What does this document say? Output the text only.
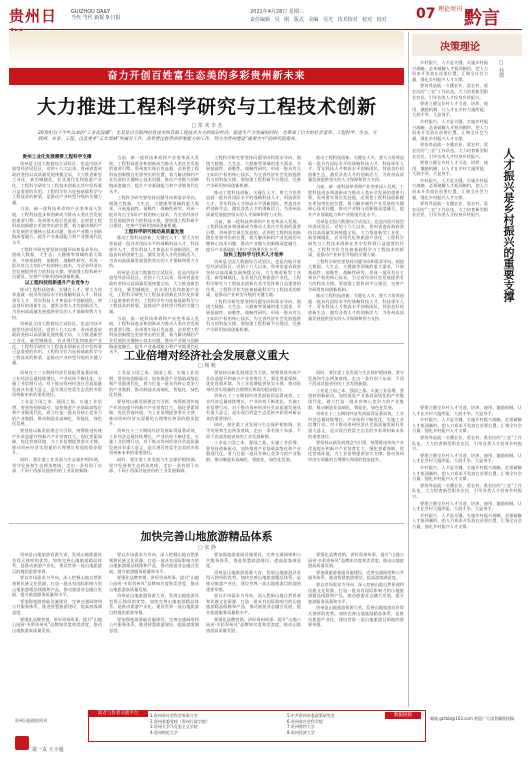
贵州日	GUIZHOU DAILY
当代 当代 新报 9 日报
2021年4月28日 星期三
责任编辑 吴 刚 版式 美编 吴光 技术校对 校对 校对 07 理论周刊 黔言
奋力开创百姓富生态美的多彩贵州新未来
大力推进工程科学研究与工程技术创新
□ 郑 欢 李 杰
20世纪以下半叶以来的“工业化浪潮”，尤其是以互联网信息技术和其他工程技术为主的知识经济，促进生产力发展的同时，也带来了巨大的社会变革。工程科学、生态、互联网、农业、工程、以及更多“五大领域”发展对工作，改革贯注新贵州形象能力的工作，努力为贵州建设“重要大中”的研究院服务。
贵州工业化发展需要工程科学支撑

贵州是全国大数据综合试验区，也是内陆开放型经济试验区。党的十九大以来，贵州省委省政府坚持以高质量发展统揽全局，大力推进新型工业化、新型城镇化、农业现代化和旅游产业化，工程科学研究与工程技术创新在其中发挥着日益重要的作用。工程科学作为连接基础科学与工程技术的桥梁，是推动产业转型升级的关键力量。

当前，新一轮科技革命和产业变革深入发展，工程科技进步和创新成为推动人类社会发展的重要引擎。贵州要实现后发赶超，必须把工程科技创新摆在更加突出的位置，着力解决制约产业发展的关键核心技术问题，推动产业链与创新链深度融合，提升产业基础能力和产业链现代化水平。

工程科学研究要坚持问题导向和需求导向，围绕大数据、大生态、大健康等领域的重大需求，开展基础性、前瞻性、战略性研究，形成一批具有自主知识产权的核心技术，为全省经济社会发展提供有力的科技支撑。要加强工程科研平台建设，完善产学研用协同创新机制。

以工程科技创新提升产业竞争力

推动工程科技创新，关键在人才。要大力培养造就一批具有国际水平的战略科技人才、科技领军人才、青年科技人才和高水平创新团队，营造良好的创新生态，激发各类人才的创新活力，为贵州高质量发展提供坚实的人才保障和智力支持。

贵州是全国大数据综合试验区，也是内陆开放型经济试验区。党的十九大以来，贵州省委省政府坚持以高质量发展统揽全局，大力推进新型工业化、新型城镇化、农业现代化和旅游产业化，工程科学研究与工程技术创新在其中发挥着日益重要的作用。工程科学作为连接基础科学与工程技术的桥梁，是推动产业转型升级的关键力量。

当前，新一轮科技革命和产业变革深入发展，工程科技进步和创新成为推动人类社会发展的重要引擎。贵州要实现后发赶超，必须把工程科技创新摆在更加突出的位置，着力解决制约产业发展的关键核心技术问题，推动产业链与创新链深度融合，提升产业基础能力和产业链现代化水平。

工程科学研究要坚持问题导向和需求导向，围绕大数据、大生态、大健康等领域的重大需求，开展基础性、前瞻性、战略性研究，形成一批具有自主知识产权的核心技术，为全省经济社会发展提供有力的科技支撑。要加强工程科研平台建设，完善产学研用协同创新机制。

工程科学研究推动高质量发展

推动工程科技创新，关键在人才。要大力培养造就一批具有国际水平的战略科技人才、科技领军人才、青年科技人才和高水平创新团队，营造良好的创新生态，激发各类人才的创新活力，为贵州高质量发展提供坚实的人才保障和智力支持。

贵州是全国大数据综合试验区，也是内陆开放型经济试验区。党的十九大以来，贵州省委省政府坚持以高质量发展统揽全局，大力推进新型工业化、新型城镇化、农业现代化和旅游产业化，工程科学研究与工程技术创新在其中发挥着日益重要的作用。工程科学作为连接基础科学与工程技术的桥梁，是推动产业转型升级的关键力量。

当前，新一轮科技革命和产业变革深入发展，工程科技进步和创新成为推动人类社会发展的重要引擎。贵州要实现后发赶超，必须把工程科技创新摆在更加突出的位置，着力解决制约产业发展的关键核心技术问题，推动产业链与创新链深度融合，提升产业基础能力和产业链现代化水平。

工程科学研究要坚持问题导向和需求导向，围绕大数据、大生态、大健康等领域的重大需求，开展基础性、前瞻性、战略性研究，形成一批具有自主知识产权的核心技术，为全省经济社会发展提供有力的科技支撑。要加强工程科研平台建设，完善产学研用协同创新机制。

推动工程科技创新，关键在人才。要大力培养造就一批具有国际水平的战略科技人才、科技领军人才、青年科技人才和高水平创新团队，营造良好的创新生态，激发各类人才的创新活力，为贵州高质量发展提供坚实的人才保障和智力支持。

当前，新一轮科技革命和产业变革深入发展，工程科技进步和创新成为推动人类社会发展的重要引擎。贵州要实现后发赶超，必须把工程科技创新摆在更加突出的位置，着力解决制约产业发展的关键核心技术问题，推动产业链与创新链深度融合，提升产业基础能力和产业链现代化水平。

加快工程科学与技术人才培养

贵州是全国大数据综合试验区，也是内陆开放型经济试验区。党的十九大以来，贵州省委省政府坚持以高质量发展统揽全局，大力推进新型工业化、新型城镇化、农业现代化和旅游产业化，工程科学研究与工程技术创新在其中发挥着日益重要的作用。工程科学作为连接基础科学与工程技术的桥梁，是推动产业转型升级的关键力量。

工程科学研究要坚持问题导向和需求导向，围绕大数据、大生态、大健康等领域的重大需求，开展基础性、前瞻性、战略性研究，形成一批具有自主知识产权的核心技术，为全省经济社会发展提供有力的科技支撑。要加强工程科研平台建设，完善产学研用协同创新机制。

推动工程科技创新，关键在人才。要大力培养造就一批具有国际水平的战略科技人才、科技领军人才、青年科技人才和高水平创新团队，营造良好的创新生态，激发各类人才的创新活力，为贵州高质量发展提供坚实的人才保障和智力支持。

当前，新一轮科技革命和产业变革深入发展，工程科技进步和创新成为推动人类社会发展的重要引擎。贵州要实现后发赶超，必须把工程科技创新摆在更加突出的位置，着力解决制约产业发展的关键核心技术问题，推动产业链与创新链深度融合，提升产业基础能力和产业链现代化水平。

贵州是全国大数据综合试验区，也是内陆开放型经济试验区。党的十九大以来，贵州省委省政府坚持以高质量发展统揽全局，大力推进新型工业化、新型城镇化、农业现代化和旅游产业化，工程科学研究与工程技术创新在其中发挥着日益重要的作用。工程科学作为连接基础科学与工程技术的桥梁，是推动产业转型升级的关键力量。

工程科学研究要坚持问题导向和需求导向，围绕大数据、大生态、大健康等领域的重大需求，开展基础性、前瞻性、战略性研究，形成一批具有自主知识产权的核心技术，为全省经济社会发展提供有力的科技支撑。要加强工程科研平台建设，完善产学研用协同创新机制。

推动工程科技创新，关键在人才。要大力培养造就一批具有国际水平的战略科技人才、科技领军人才、青年科技人才和高水平创新团队，营造良好的创新生态，激发各类人才的创新活力，为贵州高质量发展提供坚实的人才保障和智力支持。

工业倍增对经济社会发展意义重大
□ 杨 帆

贵州在十三五期间经济发展取得显著成效，工业经济总量持续增长，产业结构不断优化。实施工业倍增行动，对于推动贵州经济社会高质量发展具有重大意义，是实现百姓富生态美的多彩贵州新未来的重要途径。

工业是立国之本、强国之基。实施工业倍增，要坚持创新驱动，加快推进产业基础高级化和产业链现代化，着力打造一批具有核心竞争力的产业集群，推动制造业高端化、智能化、绿色化发展。

要坚持以新发展理念为引领，统筹推进传统产业改造提升和新兴产业培育壮大，强化要素保障，优化营商环境，为工业倍增提供坚实支撑，推动贵州经济实现量的合理增长和质的稳步提升。

同时，要注重工业发展与生态保护相协调，坚守发展和生态两条底线，走出一条有别于东部、不同于西部其他省份的工业发展新路。

工业是立国之本、强国之基。实施工业倍增，要坚持创新驱动，加快推进产业基础高级化和产业链现代化，着力打造一批具有核心竞争力的产业集群，推动制造业高端化、智能化、绿色化发展。

要坚持以新发展理念为引领，统筹推进传统产业改造提升和新兴产业培育壮大，强化要素保障，优化营商环境，为工业倍增提供坚实支撑，推动贵州经济实现量的合理增长和质的稳步提升。

贵州在十三五期间经济发展取得显著成效，工业经济总量持续增长，产业结构不断优化。实施工业倍增行动，对于推动贵州经济社会高质量发展具有重大意义，是实现百姓富生态美的多彩贵州新未来的重要途径。

同时，要注重工业发展与生态保护相协调，坚守发展和生态两条底线，走出一条有别于东部、不同于西部其他省份的工业发展新路。

要坚持以新发展理念为引领，统筹推进传统产业改造提升和新兴产业培育壮大，强化要素保障，优化营商环境，为工业倍增提供坚实支撑，推动贵州经济实现量的合理增长和质的稳步提升。

贵州在十三五期间经济发展取得显著成效，工业经济总量持续增长，产业结构不断优化。实施工业倍增行动，对于推动贵州经济社会高质量发展具有重大意义，是实现百姓富生态美的多彩贵州新未来的重要途径。

同时，要注重工业发展与生态保护相协调，坚守发展和生态两条底线，走出一条有别于东部、不同于西部其他省份的工业发展新路。

工业是立国之本、强国之基。实施工业倍增，要坚持创新驱动，加快推进产业基础高级化和产业链现代化，着力打造一批具有核心竞争力的产业集群，推动制造业高端化、智能化、绿色化发展。

同时，要注重工业发展与生态保护相协调，坚守发展和生态两条底线，走出一条有别于东部、不同于西部其他省份的工业发展新路。

工业是立国之本、强国之基。实施工业倍增，要坚持创新驱动，加快推进产业基础高级化和产业链现代化，着力打造一批具有核心竞争力的产业集群，推动制造业高端化、智能化、绿色化发展。

贵州在十三五期间经济发展取得显著成效，工业经济总量持续增长，产业结构不断优化。实施工业倍增行动，对于推动贵州经济社会高质量发展具有重大意义，是实现百姓富生态美的多彩贵州新未来的重要途径。

要坚持以新发展理念为引领，统筹推进传统产业改造提升和新兴产业培育壮大，强化要素保障，优化营商环境，为工业倍增提供坚实支撑，推动贵州经济实现量的合理增长和质的稳步提升。

加快完善山地旅游精品体系
□ 张 静

贵州是山地旅游资源大省，发展山地旅游具有得天独厚的优势。加快完善山地旅游精品体系，是推动旅游产业化、建设世界一流山地旅游目的地的重要举措。

要以市场需求为导向，深入挖掘山地自然景观和民族文化资源，打造一批具有国际影响力的山地旅游精品线路和产品，推动旅游业态融合发展，提升旅游服务质量和水平。

要加强旅游基础设施建设，完善交通网络和公共服务体系，推进智慧旅游建设，提高游客满意度。

要强化品牌营销，讲好贵州故事，提升“山地公园省·多彩贵州风”品牌知名度和美誉度，推动山地旅游高质量发展。

要以市场需求为导向，深入挖掘山地自然景观和民族文化资源，打造一批具有国际影响力的山地旅游精品线路和产品，推动旅游业态融合发展，提升旅游服务质量和水平。

要强化品牌营销，讲好贵州故事，提升“山地公园省·多彩贵州风”品牌知名度和美誉度，推动山地旅游高质量发展。

贵州是山地旅游资源大省，发展山地旅游具有得天独厚的优势。加快完善山地旅游精品体系，是推动旅游产业化、建设世界一流山地旅游目的地的重要举措。

要加强旅游基础设施建设，完善交通网络和公共服务体系，推进智慧旅游建设，提高游客满意度。

要加强旅游基础设施建设，完善交通网络和公共服务体系，推进智慧旅游建设，提高游客满意度。

贵州是山地旅游资源大省，发展山地旅游具有得天独厚的优势。加快完善山地旅游精品体系，是推动旅游产业化、建设世界一流山地旅游目的地的重要举措。

要以市场需求为导向，深入挖掘山地自然景观和民族文化资源，打造一批具有国际影响力的山地旅游精品线路和产品，推动旅游业态融合发展，提升旅游服务质量和水平。

要强化品牌营销，讲好贵州故事，提升“山地公园省·多彩贵州风”品牌知名度和美誉度，推动山地旅游高质量发展。

要强化品牌营销，讲好贵州故事，提升“山地公园省·多彩贵州风”品牌知名度和美誉度，推动山地旅游高质量发展。

要加强旅游基础设施建设，完善交通网络和公共服务体系，推进智慧旅游建设，提高游客满意度。

要以市场需求为导向，深入挖掘山地自然景观和民族文化资源，打造一批具有国际影响力的山地旅游精品线路和产品，推动旅游业态融合发展，提升旅游服务质量和水平。

贵州是山地旅游资源大省，发展山地旅游具有得天独厚的优势。加快完善山地旅游精品体系，是推动旅游产业化、建设世界一流山地旅游目的地的重要举措。

决策理论
人才振兴是乡村振兴的重要支撑
□ 孙德

乡村振兴，人才是关键。实施乡村振兴战略，必须破解人才瓶颈制约，把人力资本开发放在首要位置，汇聚全社会力量，强化乡村振兴人才支撑。

要培养造就一支懂农业、爱农村、爱农民的“三农”工作队伍，大力培育新型职业农民，引导各类人才投身乡村振兴。

要建立健全乡村人才引进、培养、使用、激励机制，让人才在乡村大施所能、大展才华、大显身手。

乡村振兴，人才是关键。实施乡村振兴战略，必须破解人才瓶颈制约，把人力资本开发放在首要位置，汇聚全社会力量，强化乡村振兴人才支撑。

要培养造就一支懂农业、爱农村、爱农民的“三农”工作队伍，大力培育新型职业农民，引导各类人才投身乡村振兴。

要建立健全乡村人才引进、培养、使用、激励机制，让人才在乡村大施所能、大展才华、大显身手。

乡村振兴，人才是关键。实施乡村振兴战略，必须破解人才瓶颈制约，把人力资本开发放在首要位置，汇聚全社会力量，强化乡村振兴人才支撑。

要培养造就一支懂农业、爱农村、爱农民的“三农”工作队伍，大力培育新型职业农民，引导各类人才投身乡村振兴。

要建立健全乡村人才引进、培养、使用、激励机制，让人才在乡村大施所能、大展才华、大显身手。

乡村振兴，人才是关键。实施乡村振兴战略，必须破解人才瓶颈制约，把人力资本开发放在首要位置，汇聚全社会力量，强化乡村振兴人才支撑。

要培养造就一支懂农业、爱农村、爱农民的“三农”工作队伍，大力培育新型职业农民，引导各类人才投身乡村振兴。

要建立健全乡村人才引进、培养、使用、激励机制，让人才在乡村大施所能、大展才华、大显身手。

乡村振兴，人才是关键。实施乡村振兴战略，必须破解人才瓶颈制约，把人力资本开发放在首要位置，汇聚全社会力量，强化乡村振兴人才支撑。

要培养造就一支懂农业、爱农村、爱农民的“三农”工作队伍，大力培育新型职业农民，引导各类人才投身乡村振兴。

要建立健全乡村人才引进、培养、使用、激励机制，让人才在乡村大施所能、大展才华、大显身手。

乡村振兴，人才是关键。实施乡村振兴战略，必须破解人才瓶颈制约，把人力资本开发放在首要位置，汇聚全社会力量，强化乡村振兴人才支撑。

贵州日报理论周刊
读者与作者交流平台	1.贵州省社会科学界联合会
2.贵州省委党校（贵州行政学院）
3.贵州大学马克思主义学院
4.贵州师范大学
5.中共贵州省委政策研究室
6.贵州省社会科学院
7.贵州财经大学
8.贵州民族大学
数据链接
邮箱 gzrblz@163.com 欢迎广大读者踊跃投稿
第一页 大卡通
